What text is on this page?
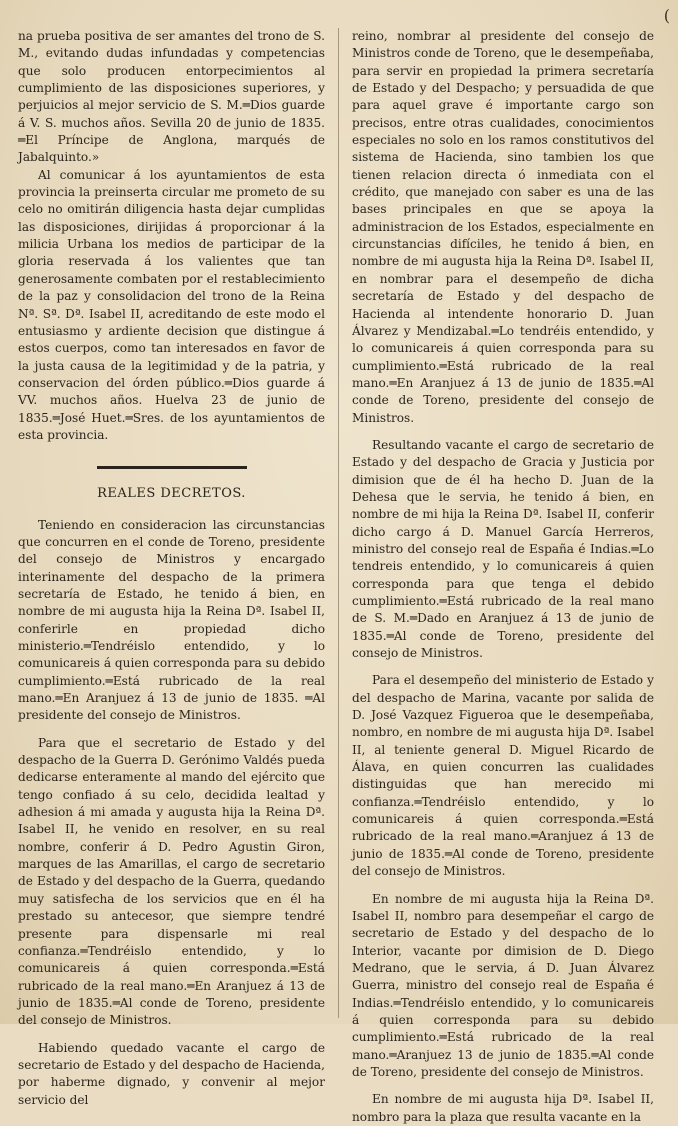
(

na prueba positiva de ser amantes del trono de S. M., evitando dudas infundadas y competencias que solo producen entorpecimientos al cumplimiento de las disposiciones superiores, y perjuicios al mejor servicio de S. M.═Dios guarde á V. S. muchos años. Sevilla 20 de junio de 1835. ═El Príncipe de Anglona, marqués de Jabalquinto.»

Al comunicar á los ayuntamientos de esta provincia la preinserta circular me prometo de su celo no omitirán diligencia hasta dejar cumplidas las disposiciones, dirijidas á proporcionar á la milicia Urbana los medios de participar de la gloria reservada á los valientes que tan generosamente combaten por el restablecimiento de la paz y consolidacion del trono de la Reina Nª. Sª. Dª. Isabel II, acreditando de este modo el entusiasmo y ardiente decision que distingue á estos cuerpos, como tan interesados en favor de la justa causa de la legitimidad y de la patria, y conservacion del órden público.═Dios guarde á VV. muchos años. Huelva 23 de junio de 1835.═José Huet.═Sres. de los ayuntamientos de esta provincia.

REALES DECRETOS.

Teniendo en consideracion las circunstancias que concurren en el conde de Toreno, presidente del consejo de Ministros y encargado interinamente del despacho de la primera secretaría de Estado, he tenido á bien, en nombre de mi augusta hija la Reina Dª. Isabel II, conferirle en propiedad dicho ministerio.═Tendréislo entendido, y lo comunicareis á quien corresponda para su debido cumplimiento.═Está rubricado de la real mano.═En Aranjuez á 13 de junio de 1835. ═Al presidente del consejo de Ministros.

Para que el secretario de Estado y del despacho de la Guerra D. Gerónimo Valdés pueda dedicarse enteramente al mando del ejército que tengo confiado á su celo, decidida lealtad y adhesion á mi amada y augusta hija la Reina Dª. Isabel II, he venido en resolver, en su real nombre, conferir á D. Pedro Agustin Giron, marques de las Amarillas, el cargo de secretario de Estado y del despacho de la Guerra, quedando muy satisfecha de los servicios que en él ha prestado su antecesor, que siempre tendré presente para dispensarle mi real confianza.═Tendréislo entendido, y lo comunicareis á quien corresponda.═Está rubricado de la real mano.═En Aranjuez á 13 de junio de 1835.═Al conde de Toreno, presidente del consejo de Ministros.

Habiendo quedado vacante el cargo de secretario de Estado y del despacho de Hacienda, por haberme dignado, y convenir al mejor servicio del

reino, nombrar al presidente del consejo de Ministros conde de Toreno, que le desempeñaba, para servir en propiedad la primera secretaría de Estado y del Despacho; y persuadida de que para aquel grave é importante cargo son precisos, entre otras cualidades, conocimientos especiales no solo en los ramos constitutivos del sistema de Hacienda, sino tambien los que tienen relacion directa ó inmediata con el crédito, que manejado con saber es una de las bases principales en que se apoya la administracion de los Estados, especialmente en circunstancias difíciles, he tenido á bien, en nombre de mi augusta hija la Reina Dª. Isabel II, en nombrar para el desempeño de dicha secretaría de Estado y del despacho de Hacienda al intendente honorario D. Juan Álvarez y Mendizabal.═Lo tendréis entendido, y lo comunicareis á quien corresponda para su cumplimiento.═Está rubricado de la real mano.═En Aranjuez á 13 de junio de 1835.═Al conde de Toreno, presidente del consejo de Ministros.

Resultando vacante el cargo de secretario de Estado y del despacho de Gracia y Justicia por dimision que de él ha hecho D. Juan de la Dehesa que le servia, he tenido á bien, en nombre de mi hija la Reina Dª. Isabel II, conferir dicho cargo á D. Manuel García Herreros, ministro del consejo real de España é Indias.═Lo tendreis entendido, y lo comunicareis á quien corresponda para que tenga el debido cumplimiento.═Está rubricado de la real mano de S. M.═Dado en Aranjuez á 13 de junio de 1835.═Al conde de Toreno, presidente del consejo de Ministros.

Para el desempeño del ministerio de Estado y del despacho de Marina, vacante por salida de D. José Vazquez Figueroa que le desempeñaba, nombro, en nombre de mi augusta hija Dª. Isabel II, al teniente general D. Miguel Ricardo de Álava, en quien concurren las cualidades distinguidas que han merecido mi confianza.═Tendréislo entendido, y lo comunicareis á quien corresponda.═Está rubricado de la real mano.═Aranjuez á 13 de junio de 1835.═Al conde de Toreno, presidente del consejo de Ministros.

En nombre de mi augusta hija la Reina Dª. Isabel II, nombro para desempeñar el cargo de secretario de Estado y del despacho de lo Interior, vacante por dimision de D. Diego Medrano, que le servia, á D. Juan Álvarez Guerra, ministro del consejo real de España é Indias.═Tendréislo entendido, y lo comunicareis á quien corresponda para su debido cumplimiento.═Está rubricado de la real mano.═Aranjuez 13 de junio de 1835.═Al conde de Toreno, presidente del consejo de Ministros.

En nombre de mi augusta hija Dª. Isabel II, nombro para la plaza que resulta vacante en la
